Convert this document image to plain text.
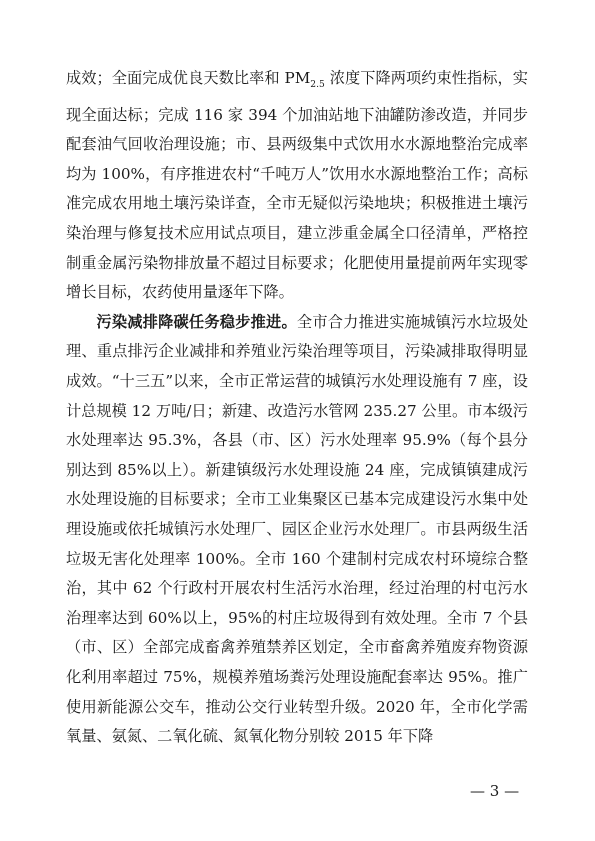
成效；全面完成优良天数比率和 $PM_{2.5}$ 浓度下降两项约束性指标，实现全面达标；完成 116 家 394 个加油站地下油罐防渗改造，并同步配套油气回收治理设施；市、县两级集中式饮用水水源地整治完成率均为 100%，有序推进农村“千吨万人”饮用水水源地整治工作；高标准完成农用地土壤污染详查，全市无疑似污染地块；积极推进土壤污染治理与修复技术应用试点项目，建立涉重金属全口径清单，严格控制重金属污染物排放量不超过目标要求；化肥使用量提前两年实现零增长目标，农药使用量逐年下降。

污染减排降碳任务稳步推进。全市合力推进实施城镇污水垃圾处理、重点排污企业减排和养殖业污染治理等项目，污染减排取得明显成效。“十三五”以来，全市正常运营的城镇污水处理设施有 7 座，设计总规模 12 万吨/日；新建、改造污水管网 235.27 公里。市本级污水处理率达 95.3%，各县（市、区）污水处理率 95.9%（每个县分别达到 85%以上）。新建镇级污水处理设施 24 座，完成镇镇建成污水处理设施的目标要求；全市工业集聚区已基本完成建设污水集中处理设施或依托城镇污水处理厂、园区企业污水处理厂。市县两级生活垃圾无害化处理率 100%。全市 160 个建制村完成农村环境综合整治，其中 62 个行政村开展农村生活污水治理，经过治理的村屯污水治理率达到 60%以上，95%的村庄垃圾得到有效处理。全市 7 个县（市、区）全部完成畜禽养殖禁养区划定，全市畜禽养殖废弃物资源化利用率超过 75%，规模养殖场粪污处理设施配套率达 95%。推广使用新能源公交车，推动公交行业转型升级。2020 年，全市化学需氧量、氨氮、二氧化硫、氮氧化物分别较 2015 年下降

— 3 —
